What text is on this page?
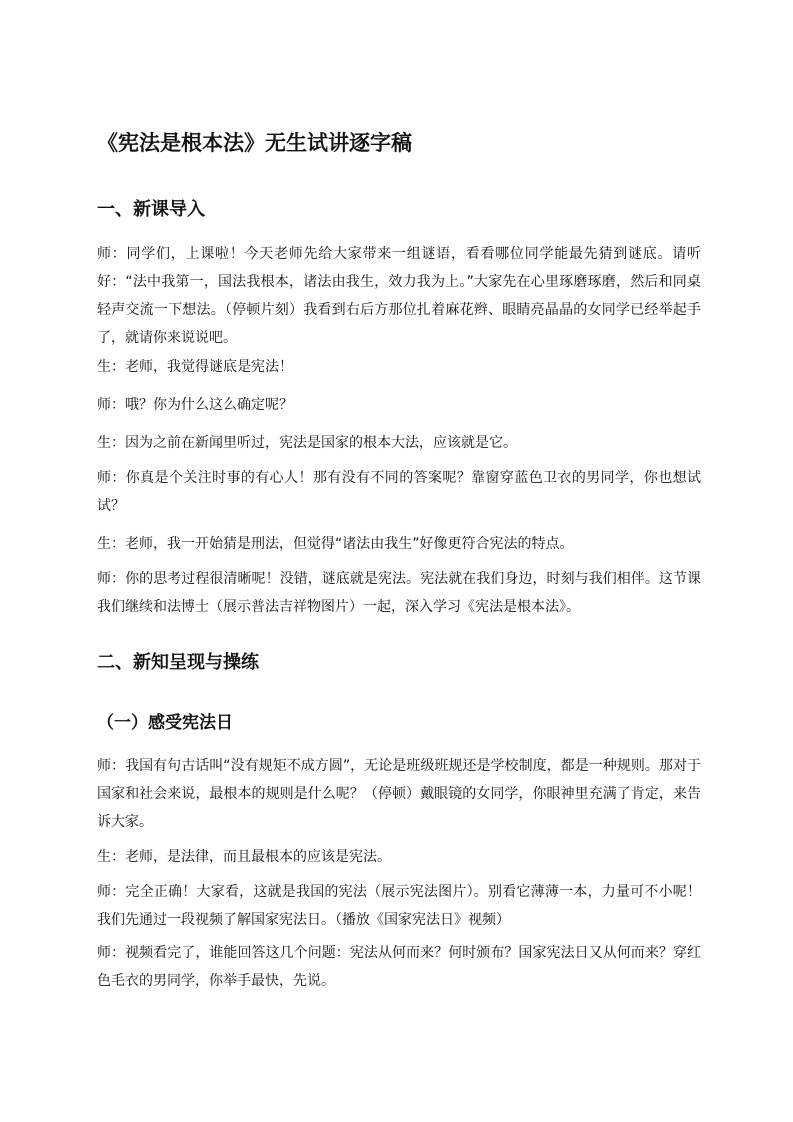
《宪法是根本法》无生试讲逐字稿
一、新课导入

师：同学们，上课啦！今天老师先给大家带来一组谜语，看看哪位同学能最先猜到谜底。请听好：“法中我第一，国法我根本，诸法由我生，效力我为上。”大家先在心里琢磨琢磨，然后和同桌轻声交流一下想法。（停顿片刻）我看到右后方那位扎着麻花辫、眼睛亮晶晶的女同学已经举起手了，就请你来说说吧。

生：老师，我觉得谜底是宪法！

师：哦？你为什么这么确定呢？

生：因为之前在新闻里听过，宪法是国家的根本大法，应该就是它。

师：你真是个关注时事的有心人！那有没有不同的答案呢？靠窗穿蓝色卫衣的男同学，你也想试试？

生：老师，我一开始猜是刑法，但觉得“诸法由我生”好像更符合宪法的特点。

师：你的思考过程很清晰呢！没错，谜底就是宪法。宪法就在我们身边，时刻与我们相伴。这节课我们继续和法博士（展示普法吉祥物图片）一起，深入学习《宪法是根本法》。

二、新知呈现与操练
（一）感受宪法日

师：我国有句古话叫“没有规矩不成方圆”，无论是班级班规还是学校制度，都是一种规则。那对于国家和社会来说，最根本的规则是什么呢？（停顿）戴眼镜的女同学，你眼神里充满了肯定，来告诉大家。

生：老师，是法律，而且最根本的应该是宪法。

师：完全正确！大家看，这就是我国的宪法（展示宪法图片）。别看它薄薄一本，力量可不小呢！我们先通过一段视频了解国家宪法日。（播放《国家宪法日》视频）

师：视频看完了，谁能回答这几个问题：宪法从何而来？何时颁布？国家宪法日又从何而来？穿红色毛衣的男同学，你举手最快，先说。
